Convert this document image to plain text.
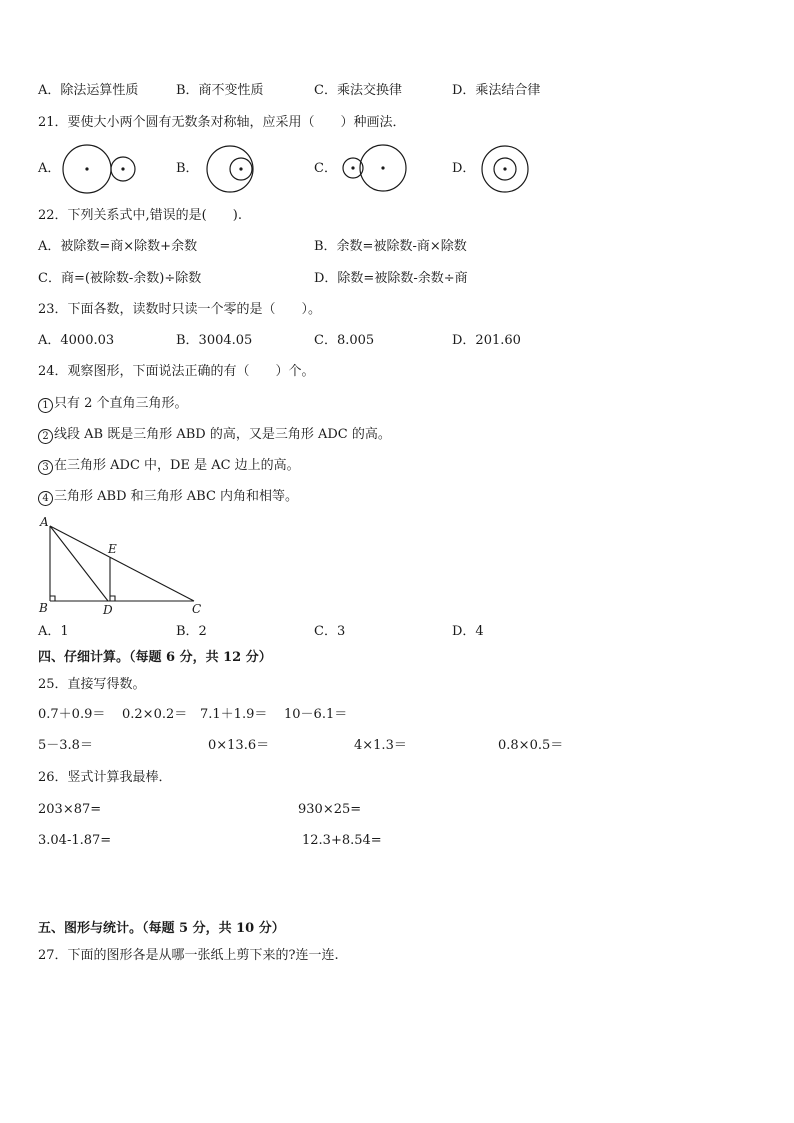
A．除法运算性质	B．商不变性质	C．乘法交换律	D．乘法结合律
21．要使大小两个圆有无数条对称轴，应采用（　　）种画法．
A．	B．	C．	D．
22．下列关系式中,错误的是(　　).
A．被除数=商×除数+余数	B．余数=被除数-商×除数
C．商=(被除数-余数)÷除数	D．除数=被除数-余数÷商
23．下面各数，读数时只读一个零的是（　　）。
A．4000.03	B．3004.05	C．8.005	D．201.60
24．观察图形，下面说法正确的有（　　）个。
1 只有 2 个直角三角形。
2 线段 AB 既是三角形 ABD 的高，又是三角形 ADC 的高。
3 在三角形 ADC 中，DE 是 AC 边上的高。
4 三角形 ABD 和三角形 ABC 内角和相等。
A
B	C
D
E
A．1	B．2	C．3	D．4
四、仔细计算。（每题 6 分，共 12 分）
25．直接写得数。
0.7＋0.9＝ 0.2×0.2＝ 7.1＋1.9＝ 10－6.1＝
5－3.8＝	0×13.6＝	4×1.3＝	0.8×0.5＝
26．竖式计算我最棒．
203×87=	930×25=
3.04-1.87=	12.3+8.54=
五、图形与统计。（每题 5 分，共 10 分）
27．下面的图形各是从哪一张纸上剪下来的?连一连.
